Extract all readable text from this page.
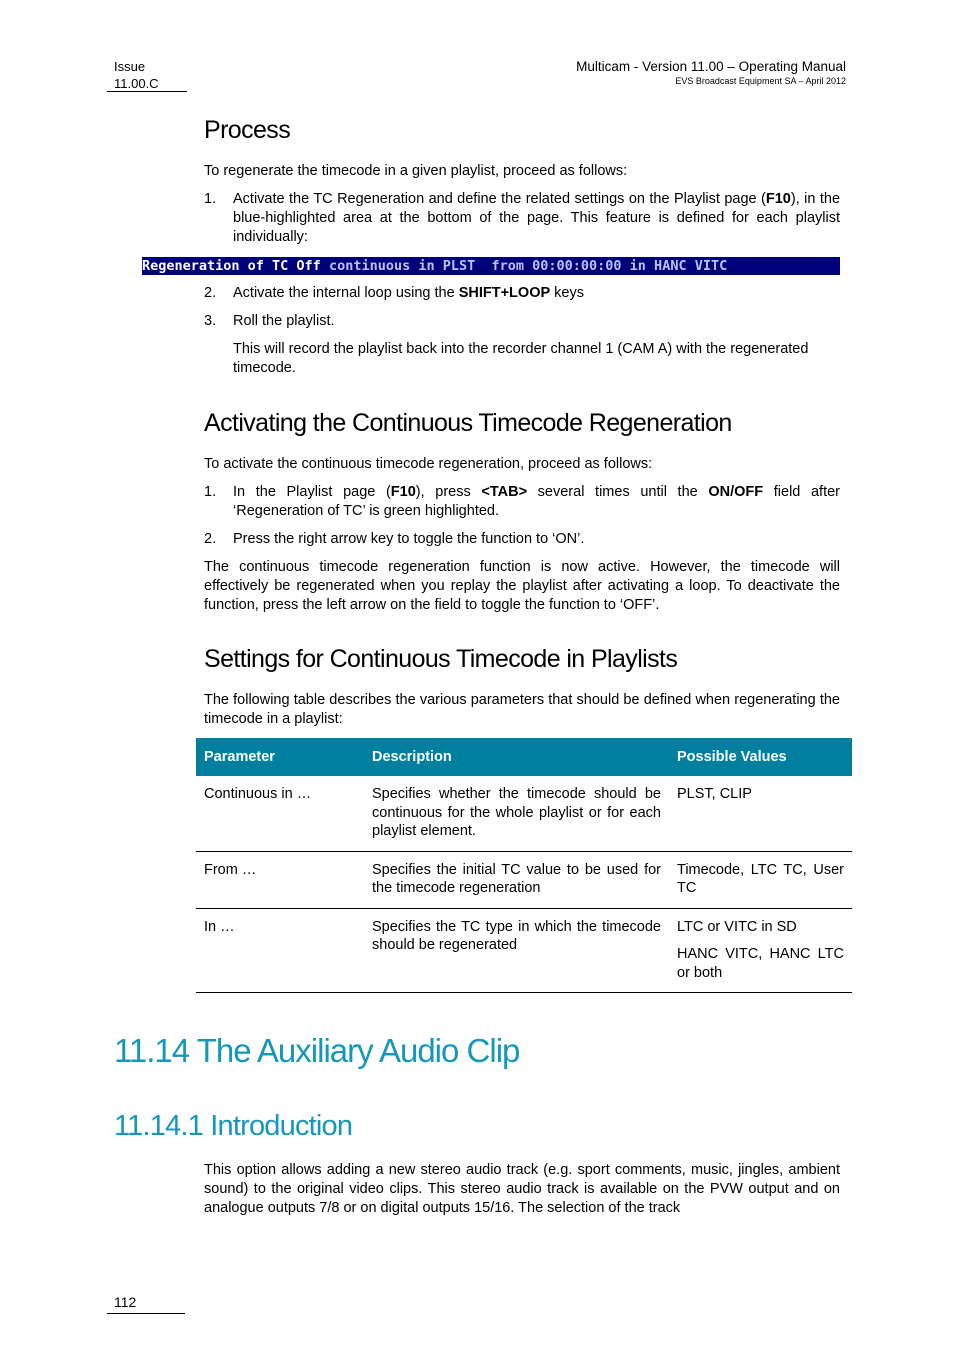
Issue
11.00.C
Multicam - Version 11.00 – Operating Manual
EVS Broadcast Equipment SA – April 2012
Process

To regenerate the timecode in a given playlist, proceed as follows:

1. Activate the TC Regeneration and define the related settings on the Playlist page (F10), in the blue-highlighted area at the bottom of the page. This feature is defined for each playlist individually:
Regeneration of TC Off continuous in PLST  from 00:00:00:00 in HANC VITC
2. Activate the internal loop using the SHIFT+LOOP keys
3. Roll the playlist.
This will record the playlist back into the recorder channel 1 (CAM A) with the regenerated timecode.
Activating the Continuous Timecode Regeneration

To activate the continuous timecode regeneration, proceed as follows:

1. In the Playlist page (F10), press <TAB> several times until the ON/OFF field after ‘Regeneration of TC’ is green highlighted.
2. Press the right arrow key to toggle the function to ‘ON’.

The continuous timecode regeneration function is now active. However, the timecode will effectively be regenerated when you replay the playlist after activating a loop. To deactivate the function, press the left arrow on the field to toggle the function to ‘OFF’.

Settings for Continuous Timecode in Playlists

The following table describes the various parameters that should be defined when regenerating the timecode in a playlist:

Parameter	Description	Possible Values
Continuous in …	Specifies whether the timecode should be continuous for the whole playlist or for each playlist element.	PLST, CLIP

From …	Specifies the initial TC value to be used for the timecode regeneration	Timecode, LTC TC, User TC

In …	Specifies the TC type in which the timecode should be regenerated	LTC or VITC in SD
HANC VITC, HANC LTC or both
11.14 The Auxiliary Audio Clip
11.14.1 Introduction

This option allows adding a new stereo audio track (e.g. sport comments, music, jingles, ambient sound) to the original video clips. This stereo audio track is available on the PVW output and on analogue outputs 7/8 or on digital outputs 15/16. The selection of the track

112
